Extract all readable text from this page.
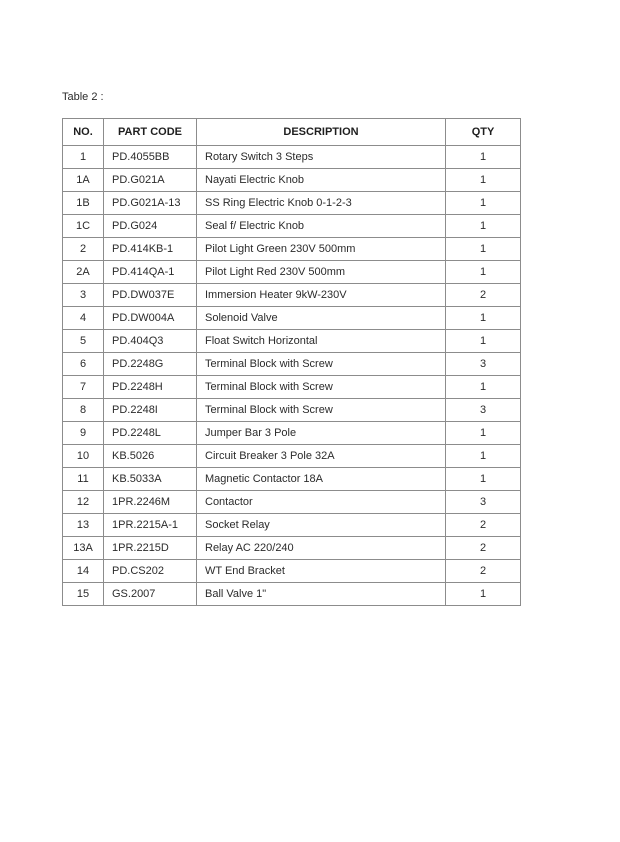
Table 2 :
NO.	PART CODE	DESCRIPTION	QTY
1	PD.4055BB	Rotary Switch 3 Steps	1
1A	PD.G021A	Nayati Electric Knob	1
1B	PD.G021A-13	SS Ring Electric Knob 0-1-2-3	1
1C	PD.G024	Seal f/ Electric Knob	1
2	PD.414KB-1	Pilot Light Green 230V 500mm	1
2A	PD.414QA-1	Pilot Light Red 230V 500mm	1
3	PD.DW037E	Immersion Heater 9kW-230V	2
4	PD.DW004A	Solenoid Valve	1
5	PD.404Q3	Float Switch Horizontal	1
6	PD.2248G	Terminal Block with Screw	3
7	PD.2248H	Terminal Block with Screw	1
8	PD.2248I	Terminal Block with Screw	3
9	PD.2248L	Jumper Bar 3 Pole	1
10	KB.5026	Circuit Breaker 3 Pole 32A	1
11	KB.5033A	Magnetic Contactor 18A	1
12	1PR.2246M	Contactor	3
13	1PR.2215A-1	Socket Relay	2
13A	1PR.2215D	Relay AC 220/240	2
14	PD.CS202	WT End Bracket	2
15	GS.2007	Ball Valve 1"	1
